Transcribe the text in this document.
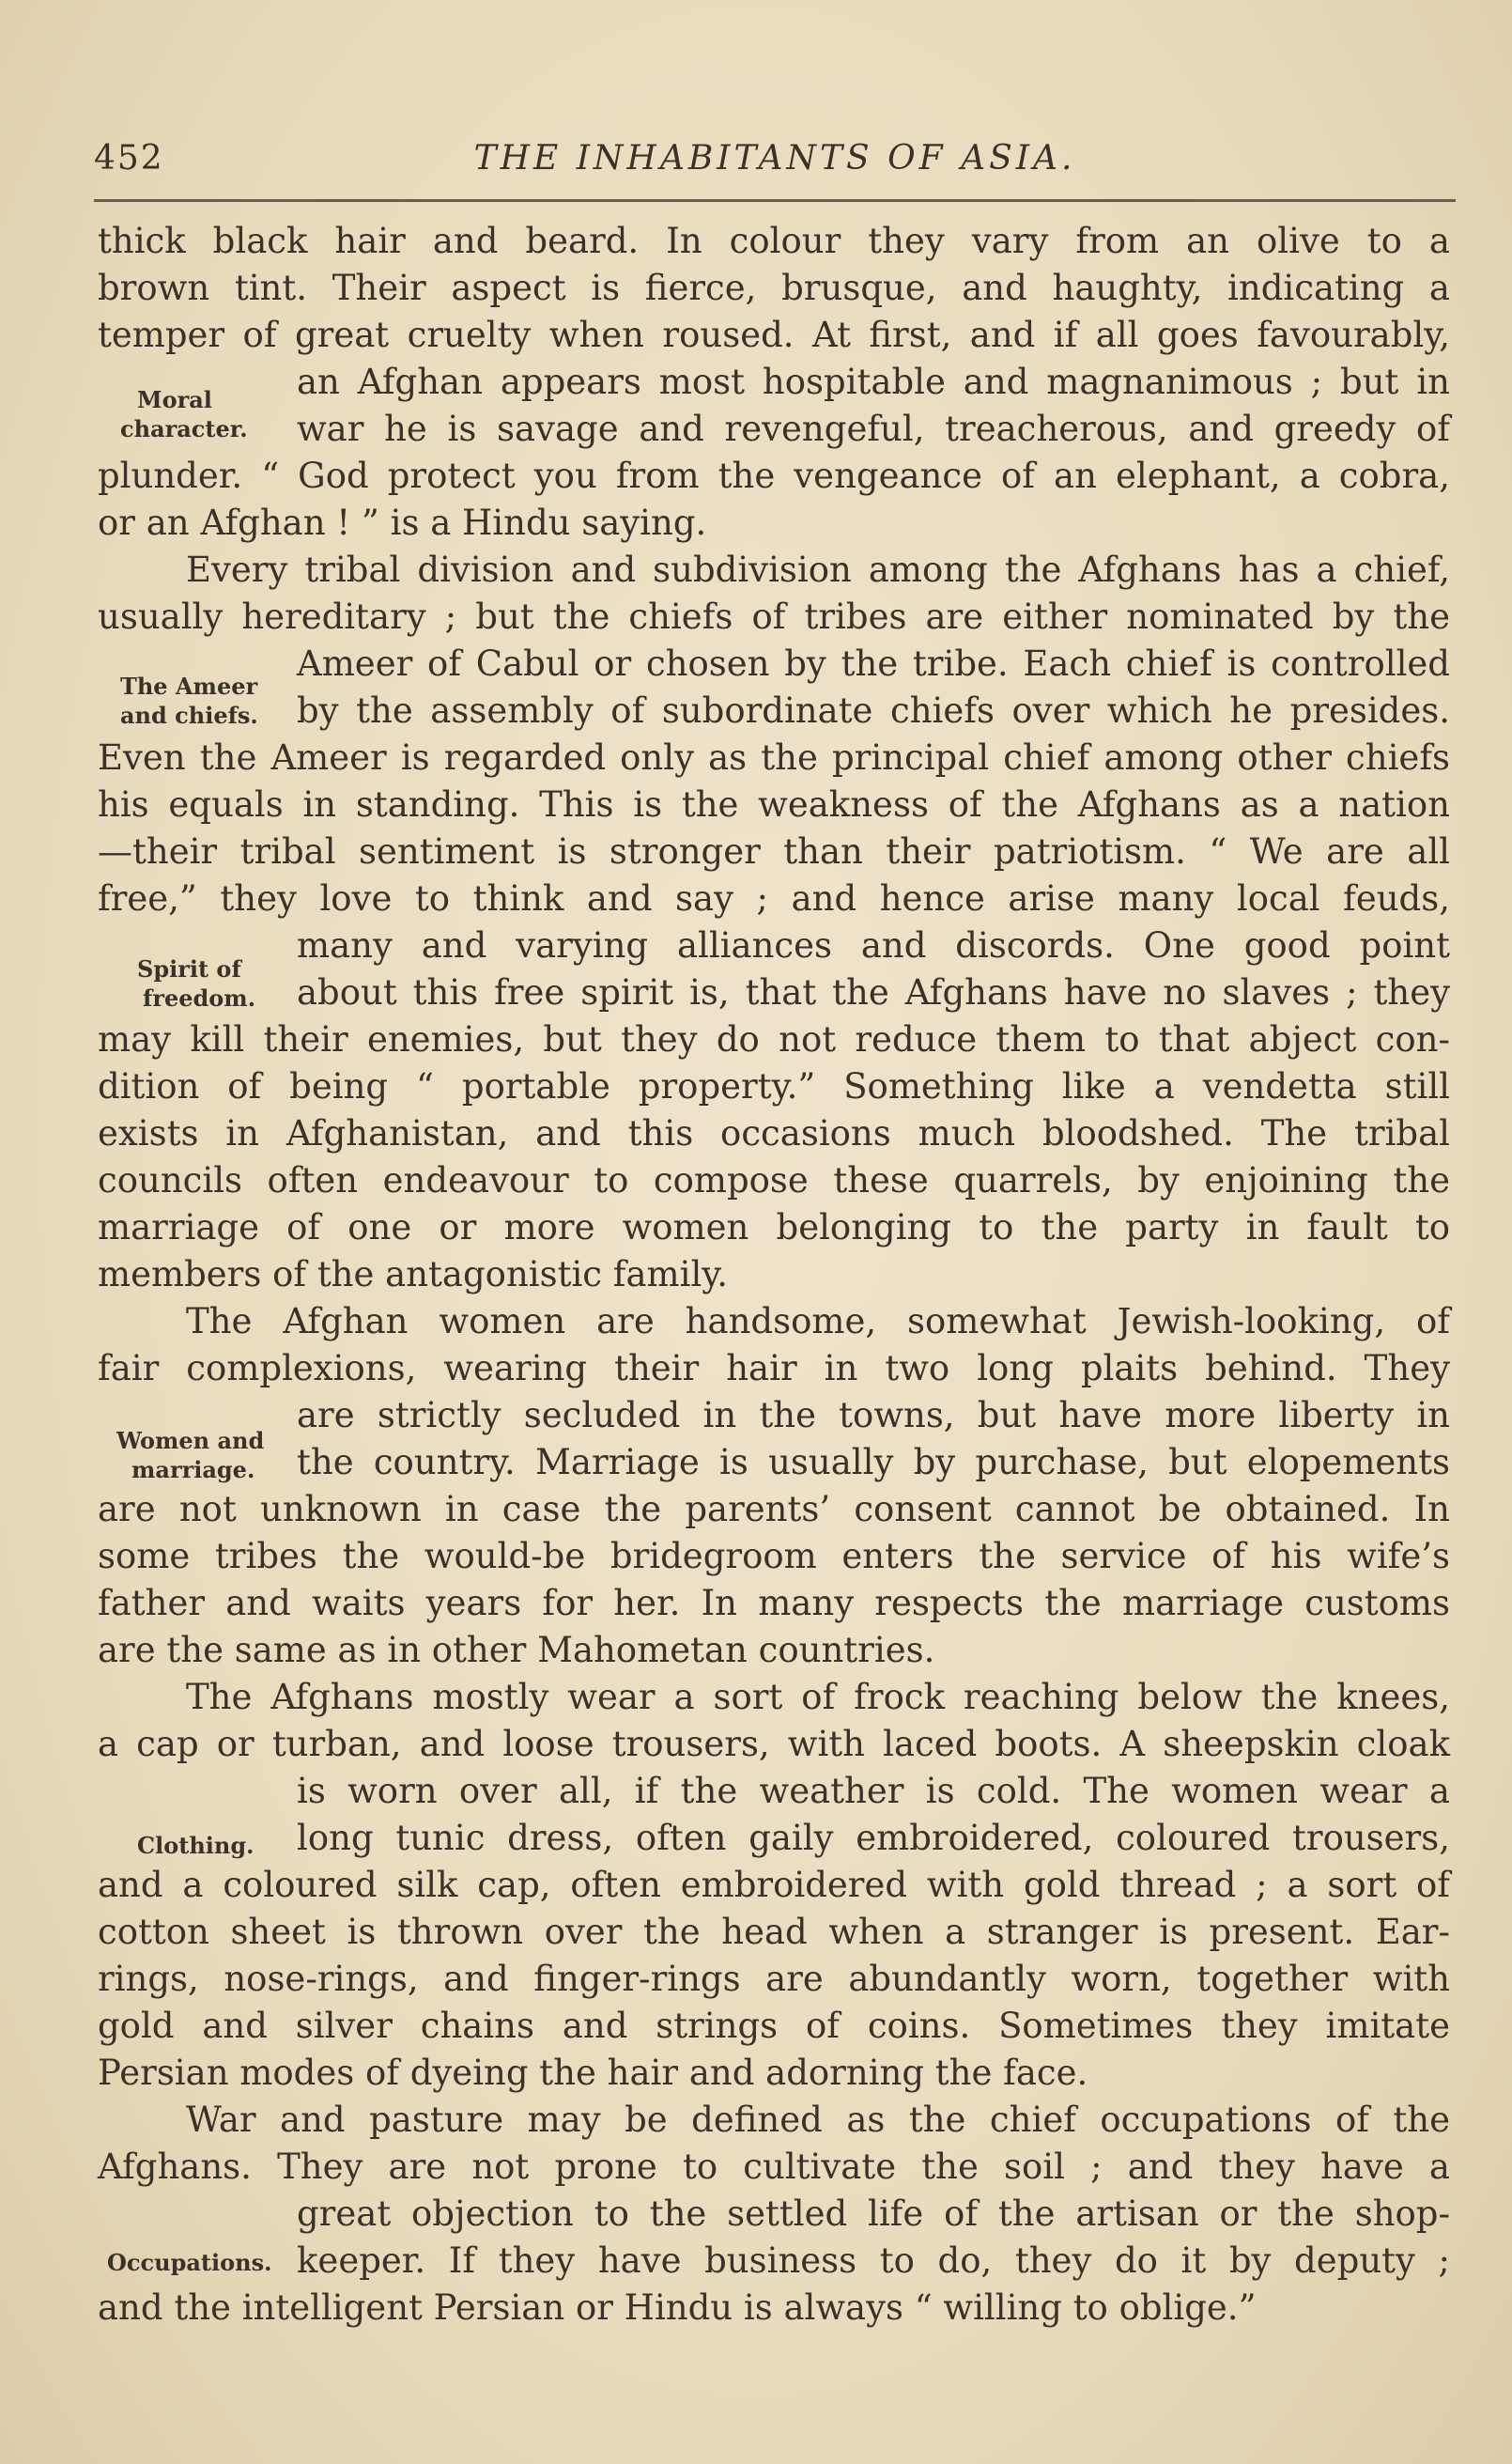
452	THE INHABITANTS OF ASIA.
thick black hair and beard. In colour they vary from an olive to a
brown tint. Their aspect is fierce, brusque, and haughty, indicating a
temper of great cruelty when roused. At first, and if all goes favourably,
an Afghan appears most hospitable and magnanimous ; but in
war he is savage and revengeful, treacherous, and greedy of
plunder. “ God protect you from the vengeance of an elephant, a cobra,
or an Afghan ! ” is a Hindu saying.
Every tribal division and subdivision among the Afghans has a chief,
usually hereditary ; but the chiefs of tribes are either nominated by the
Ameer of Cabul or chosen by the tribe. Each chief is controlled
by the assembly of subordinate chiefs over which he presides.
Even the Ameer is regarded only as the principal chief among other chiefs
his equals in standing. This is the weakness of the Afghans as a nation
—their tribal sentiment is stronger than their patriotism. “ We are all
free,” they love to think and say ; and hence arise many local feuds,
many and varying alliances and discords. One good point
about this free spirit is, that the Afghans have no slaves ; they
may kill their enemies, but they do not reduce them to that abject con-
dition of being “ portable property.” Something like a vendetta still
exists in Afghanistan, and this occasions much bloodshed. The tribal
councils often endeavour to compose these quarrels, by enjoining the
marriage of one or more women belonging to the party in fault to
members of the antagonistic family.
The Afghan women are handsome, somewhat Jewish-looking, of
fair complexions, wearing their hair in two long plaits behind. They
are strictly secluded in the towns, but have more liberty in
the country. Marriage is usually by purchase, but elopements
are not unknown in case the parents’ consent cannot be obtained. In
some tribes the would-be bridegroom enters the service of his wife’s
father and waits years for her. In many respects the marriage customs
are the same as in other Mahometan countries.
The Afghans mostly wear a sort of frock reaching below the knees,
a cap or turban, and loose trousers, with laced boots. A sheepskin cloak
is worn over all, if the weather is cold. The women wear a
long tunic dress, often gaily embroidered, coloured trousers,
and a coloured silk cap, often embroidered with gold thread ; a sort of
cotton sheet is thrown over the head when a stranger is present. Ear-
rings, nose-rings, and finger-rings are abundantly worn, together with
gold and silver chains and strings of coins. Sometimes they imitate
Persian modes of dyeing the hair and adorning the face.
War and pasture may be defined as the chief occupations of the
Afghans. They are not prone to cultivate the soil ; and they have a
great objection to the settled life of the artisan or the shop-
keeper. If they have business to do, they do it by deputy ;
and the intelligent Persian or Hindu is always “ willing to oblige.”
Moral
character.
The Ameer
and chiefs.
Spirit of
freedom.
Women and
marriage.
Clothing.
Occupations.
